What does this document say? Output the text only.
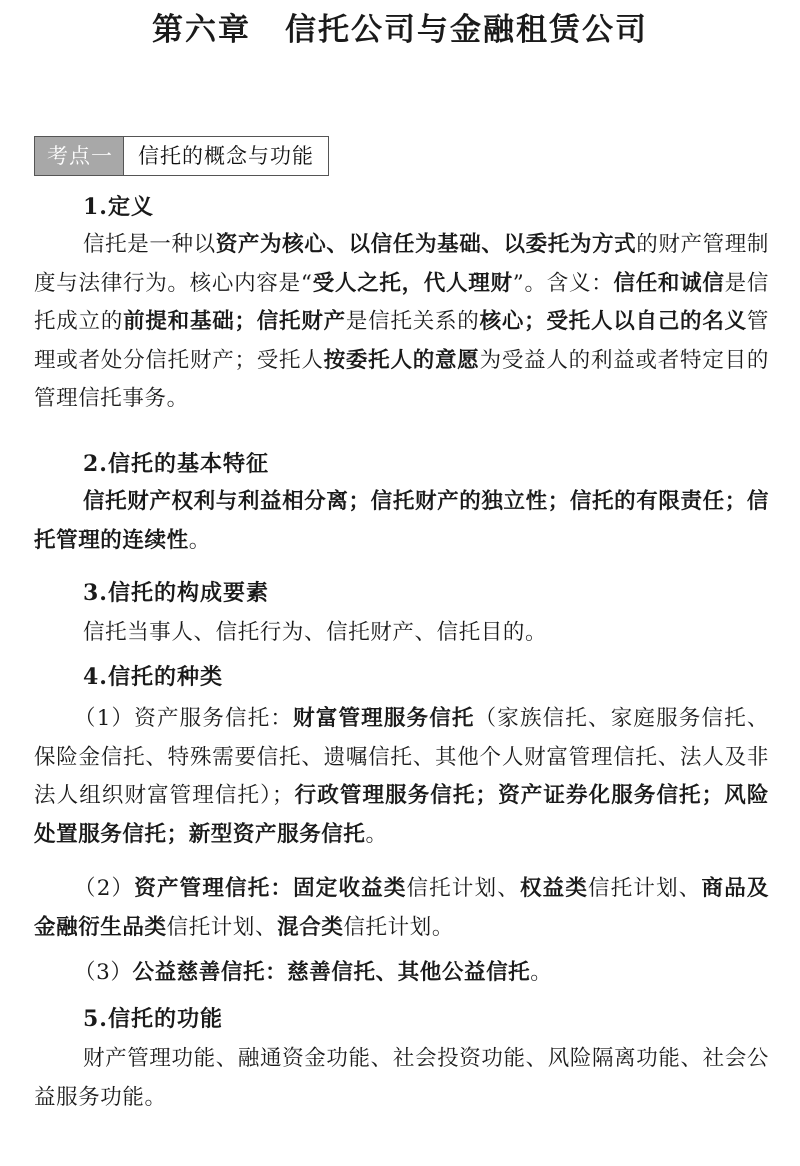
第六章 信托公司与金融租赁公司
考点一	信托的概念与功能
1.定义
信托是一种以资产为核心、以信任为基础、以委托为方式的财产管理制度与法律行为。核心内容是“受人之托，代人理财”。含义：信任和诚信是信托成立的前提和基础；信托财产是信托关系的核心；受托人以自己的名义管理或者处分信托财产；受托人按委托人的意愿为受益人的利益或者特定目的管理信托事务。
2.信托的基本特征
信托财产权利与利益相分离；信托财产的独立性；信托的有限责任；信托管理的连续性。
3.信托的构成要素
信托当事人、信托行为、信托财产、信托目的。
4.信托的种类
（1）资产服务信托：财富管理服务信托（家族信托、家庭服务信托、保险金信托、特殊需要信托、遗嘱信托、其他个人财富管理信托、法人及非法人组织财富管理信托）；行政管理服务信托；资产证券化服务信托；风险处置服务信托；新型资产服务信托。
（2）资产管理信托：固定收益类信托计划、权益类信托计划、商品及金融衍生品类信托计划、混合类信托计划。
（3）公益慈善信托：慈善信托、其他公益信托。
5.信托的功能
财产管理功能、融通资金功能、社会投资功能、风险隔离功能、社会公益服务功能。
